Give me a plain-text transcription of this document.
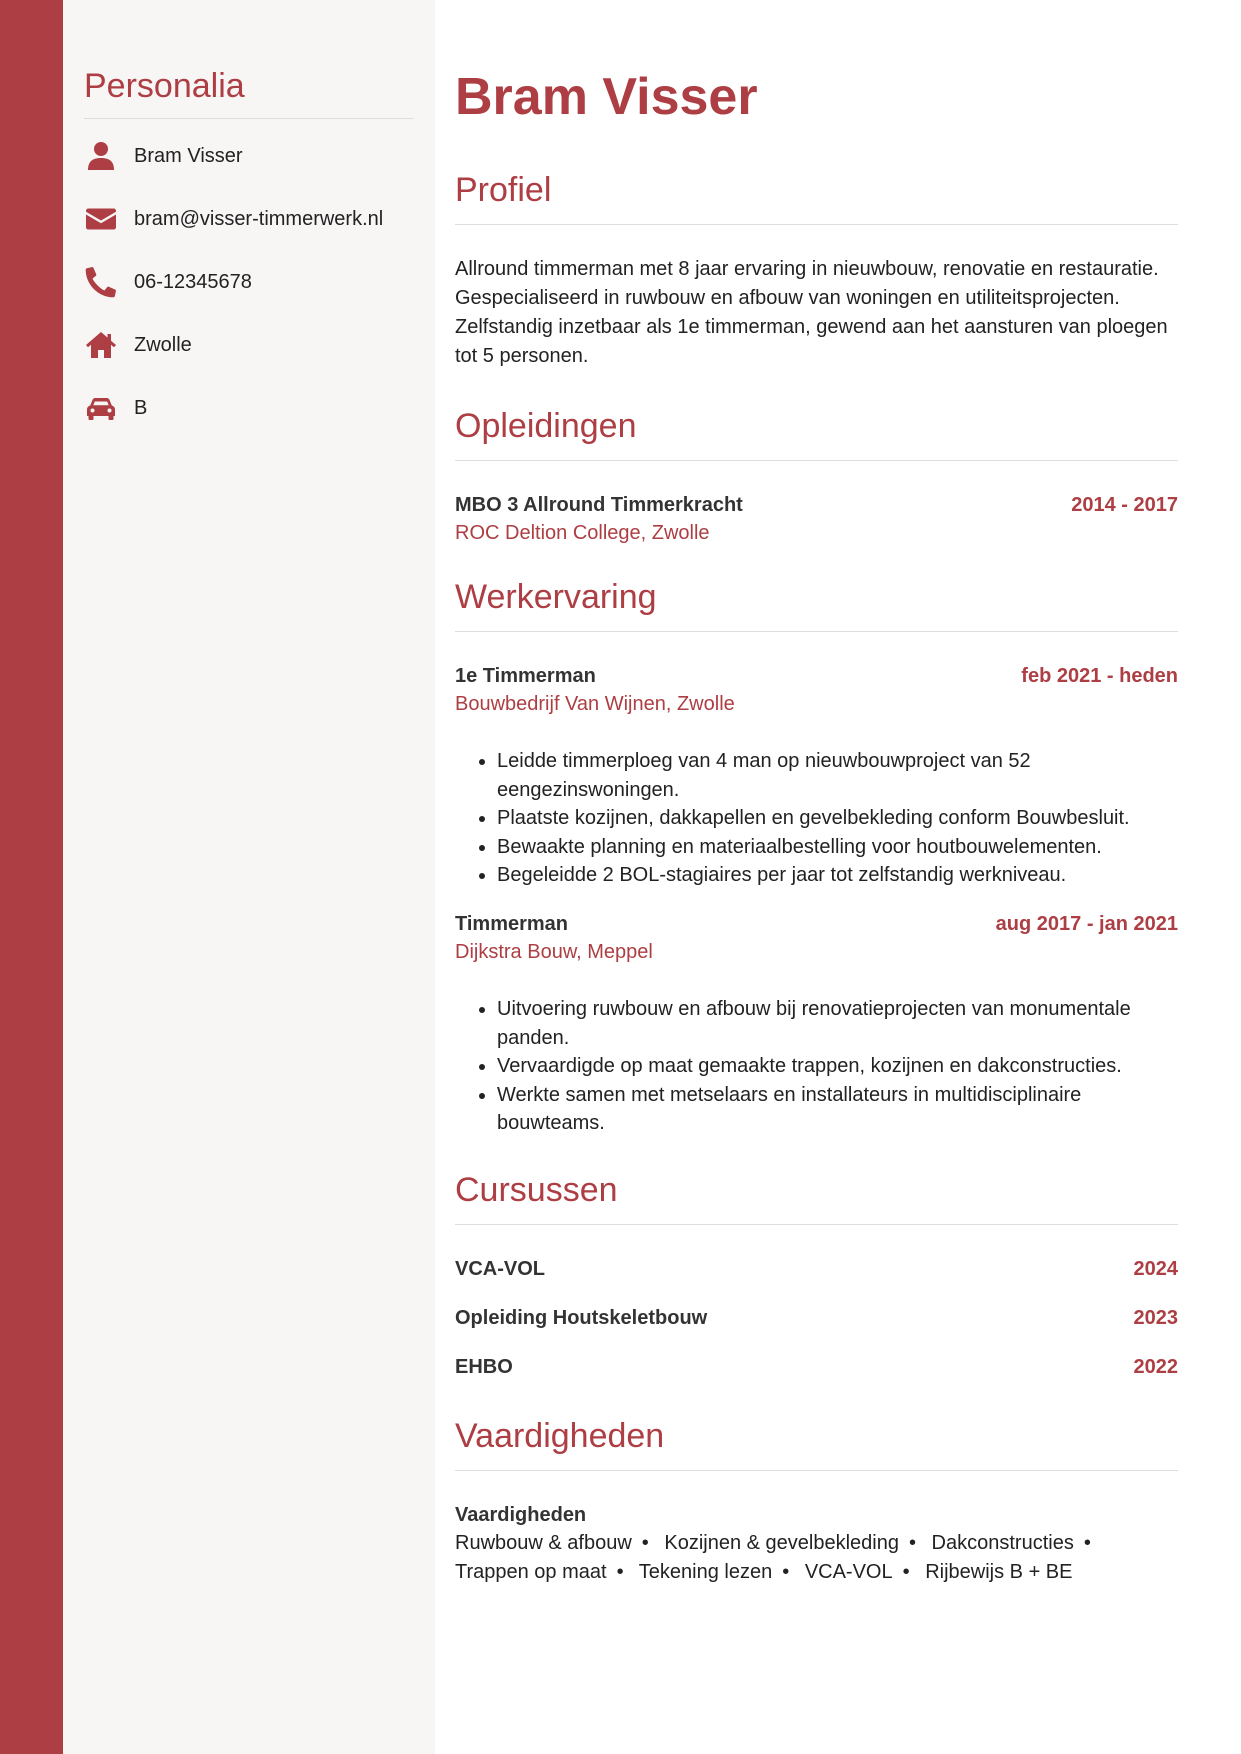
Personalia
Bram Visser
bram@visser-timmerwerk.nl
06-12345678
Zwolle
B
Bram Visser
Profiel

Allround timmerman met 8 jaar ervaring in nieuwbouw, renovatie en restauratie. Gespecialiseerd in ruwbouw en afbouw van woningen en utiliteitsprojecten. Zelfstandig inzetbaar als 1e timmerman, gewend aan het aansturen van ploegen tot 5 personen.

Opleidingen
MBO 3 Allround Timmerkracht	2014 - 2017
ROC Deltion College, Zwolle
Werkervaring
1e Timmerman	feb 2021 - heden
Bouwbedrijf Van Wijnen, Zwolle
• Leidde timmerploeg van 4 man op nieuwbouwproject van 52 eengezinswoningen.
• Plaatste kozijnen, dakkapellen en gevelbekleding conform Bouwbesluit.
• Bewaakte planning en materiaalbestelling voor houtbouwelementen.
• Begeleidde 2 BOL-stagiaires per jaar tot zelfstandig werkniveau.
Timmerman	aug 2017 - jan 2021
Dijkstra Bouw, Meppel
• Uitvoering ruwbouw en afbouw bij renovatieprojecten van monumentale panden.
• Vervaardigde op maat gemaakte trappen, kozijnen en dakconstructies.
• Werkte samen met metselaars en installateurs in multidisciplinaire bouwteams.
Cursussen
VCA-VOL	2024
Opleiding Houtskeletbouw	2023
EHBO	2022
Vaardigheden
Vaardigheden
Ruwbouw & afbouw • Kozijnen & gevelbekleding • Dakconstructies • Trappen op maat • Tekening lezen • VCA-VOL • Rijbewijs B + BE
